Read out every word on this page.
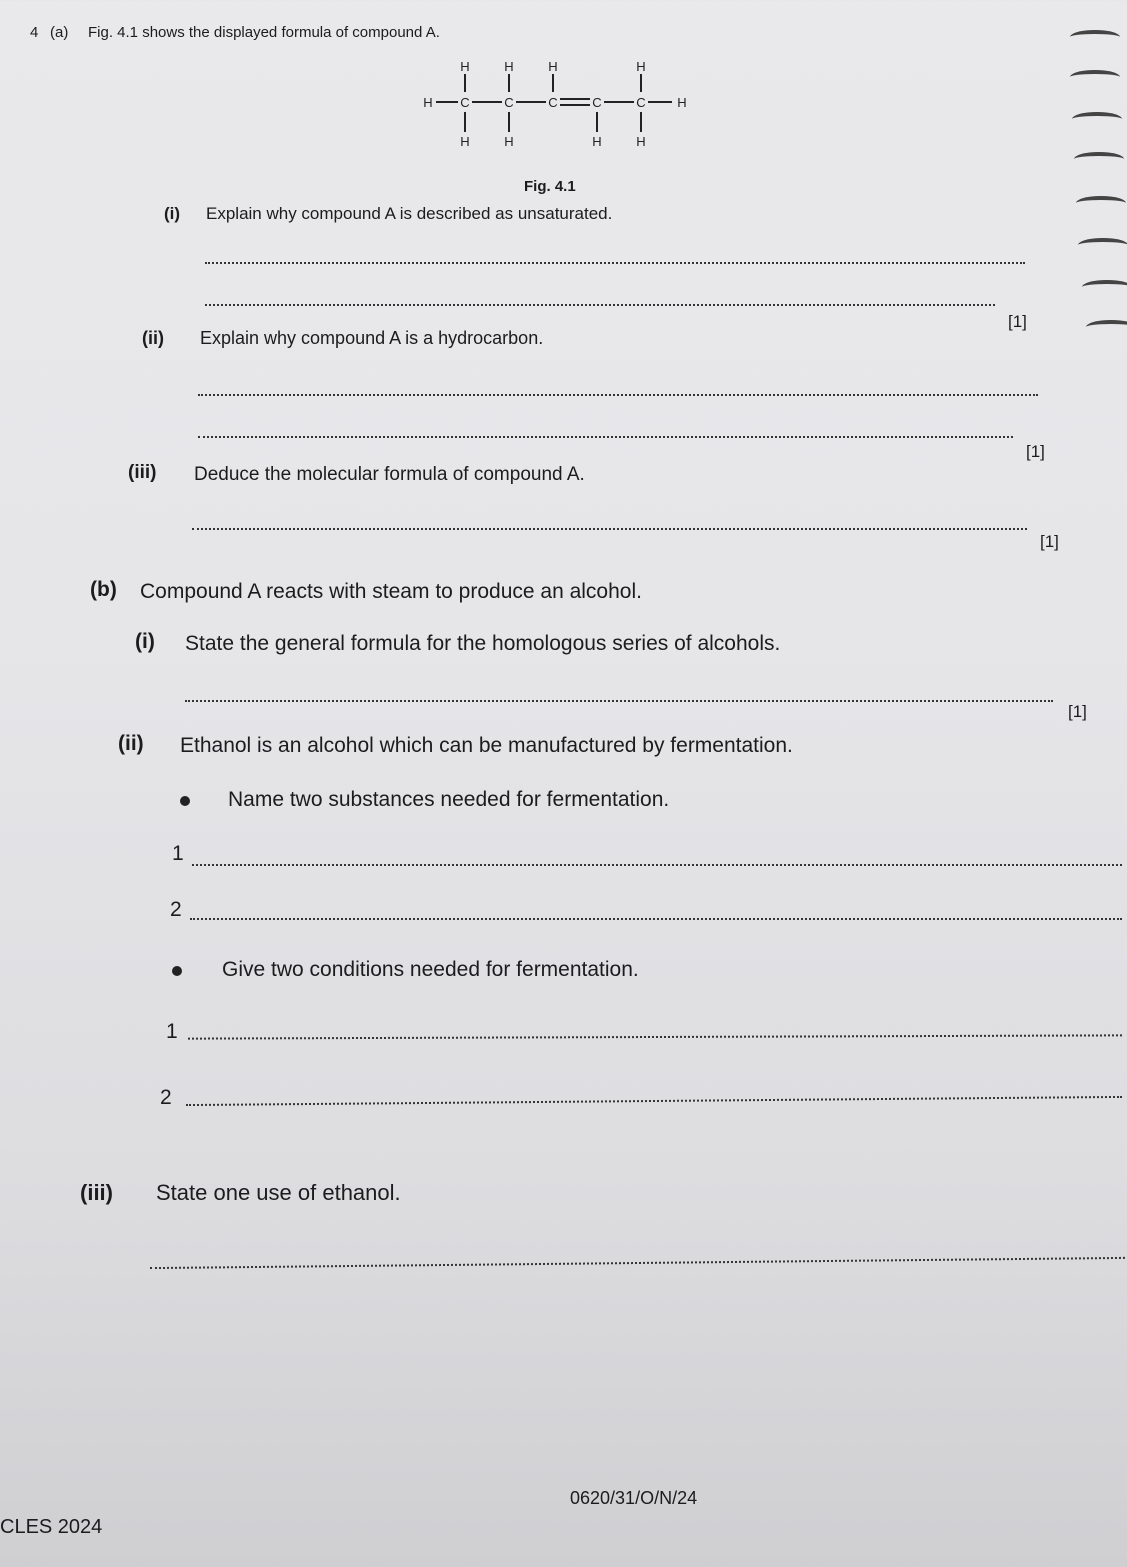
4 (a) Fig. 4.1 shows the displayed formula of compound A.
H C	C	C	C	C H
H	H	H	H
H	H	H	H
Fig. 4.1
(i) Explain why compound A is described as unsaturated.
[1]
(ii) Explain why compound A is a hydrocarbon.
[1]
(iii) Deduce the molecular formula of compound A.
[1]
(b) Compound A reacts with steam to produce an alcohol.
(i) State the general formula for the homologous series of alcohols.
[1]
(ii) Ethanol is an alcohol which can be manufactured by fermentation.
Name two substances needed for fermentation.
1
2
Give two conditions needed for fermentation.
1
2
(iii) State one use of ethanol.
0620/31/O/N/24
CLES 2024
